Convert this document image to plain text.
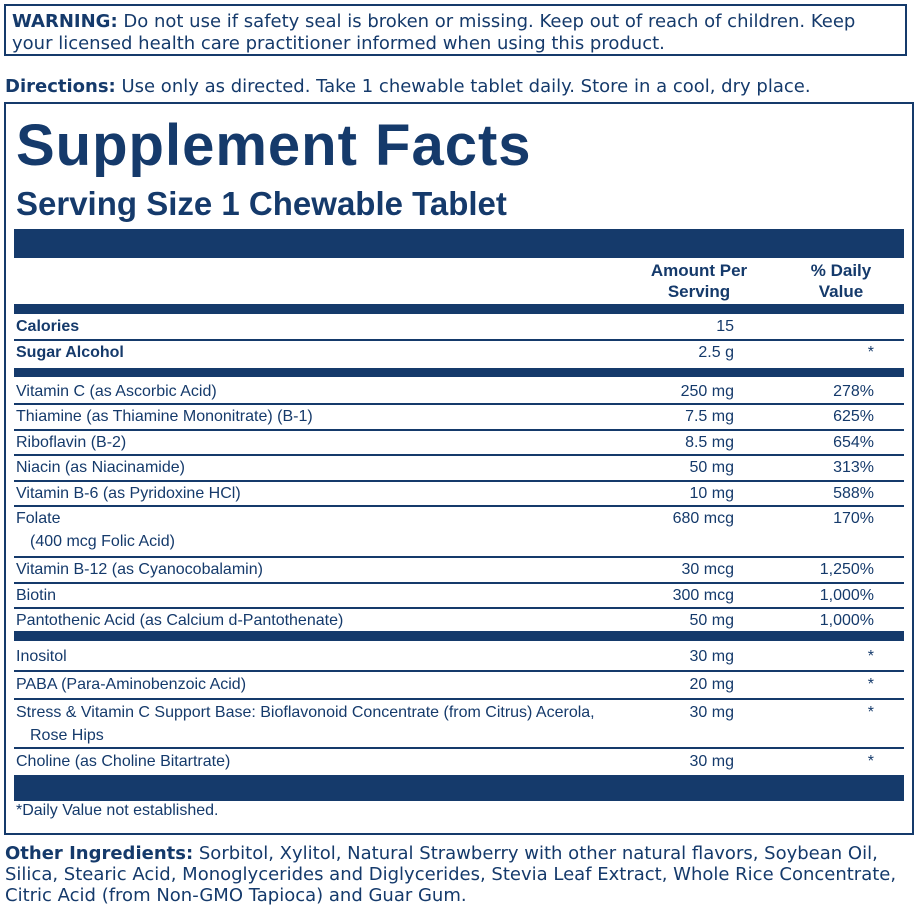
WARNING: Do not use if safety seal is broken or missing. Keep out of reach of children. Keep your licensed health care practitioner informed when using this product.
Directions: Use only as directed. Take 1 chewable tablet daily. Store in a cool, dry place.
Supplement Facts
Serving Size 1 Chewable Tablet
Amount Per
Serving
% Daily
Value
Calories	15
Sugar Alcohol	2.5 g	*
Vitamin C (as Ascorbic Acid)	250 mg	278%
Thiamine (as Thiamine Mononitrate) (B-1)	7.5 mg	625%
Riboflavin (B-2)	8.5 mg	654%
Niacin (as Niacinamide)	50 mg	313%
Vitamin B-6 (as Pyridoxine HCl)	10 mg	588%
Folate
(400 mcg Folic Acid)
680 mcg	170%
Vitamin B-12 (as Cyanocobalamin)	30 mcg	1,250%
Biotin	300 mcg	1,000%
Pantothenic Acid (as Calcium d-Pantothenate)	50 mg	1,000%
Inositol	30 mg	*
PABA (Para-Aminobenzoic Acid)	20 mg	*
Stress & Vitamin C Support Base: Bioflavonoid Concentrate (from Citrus) Acerola,
Rose Hips
30 mg	*
Choline (as Choline Bitartrate)	30 mg	*
*Daily Value not established.
Other Ingredients: Sorbitol, Xylitol, Natural Strawberry with other natural flavors, Soybean Oil, Silica, Stearic Acid, Monoglycerides and Diglycerides, Stevia Leaf Extract, Whole Rice Concentrate, Citric Acid (from Non-GMO Tapioca) and Guar Gum.
